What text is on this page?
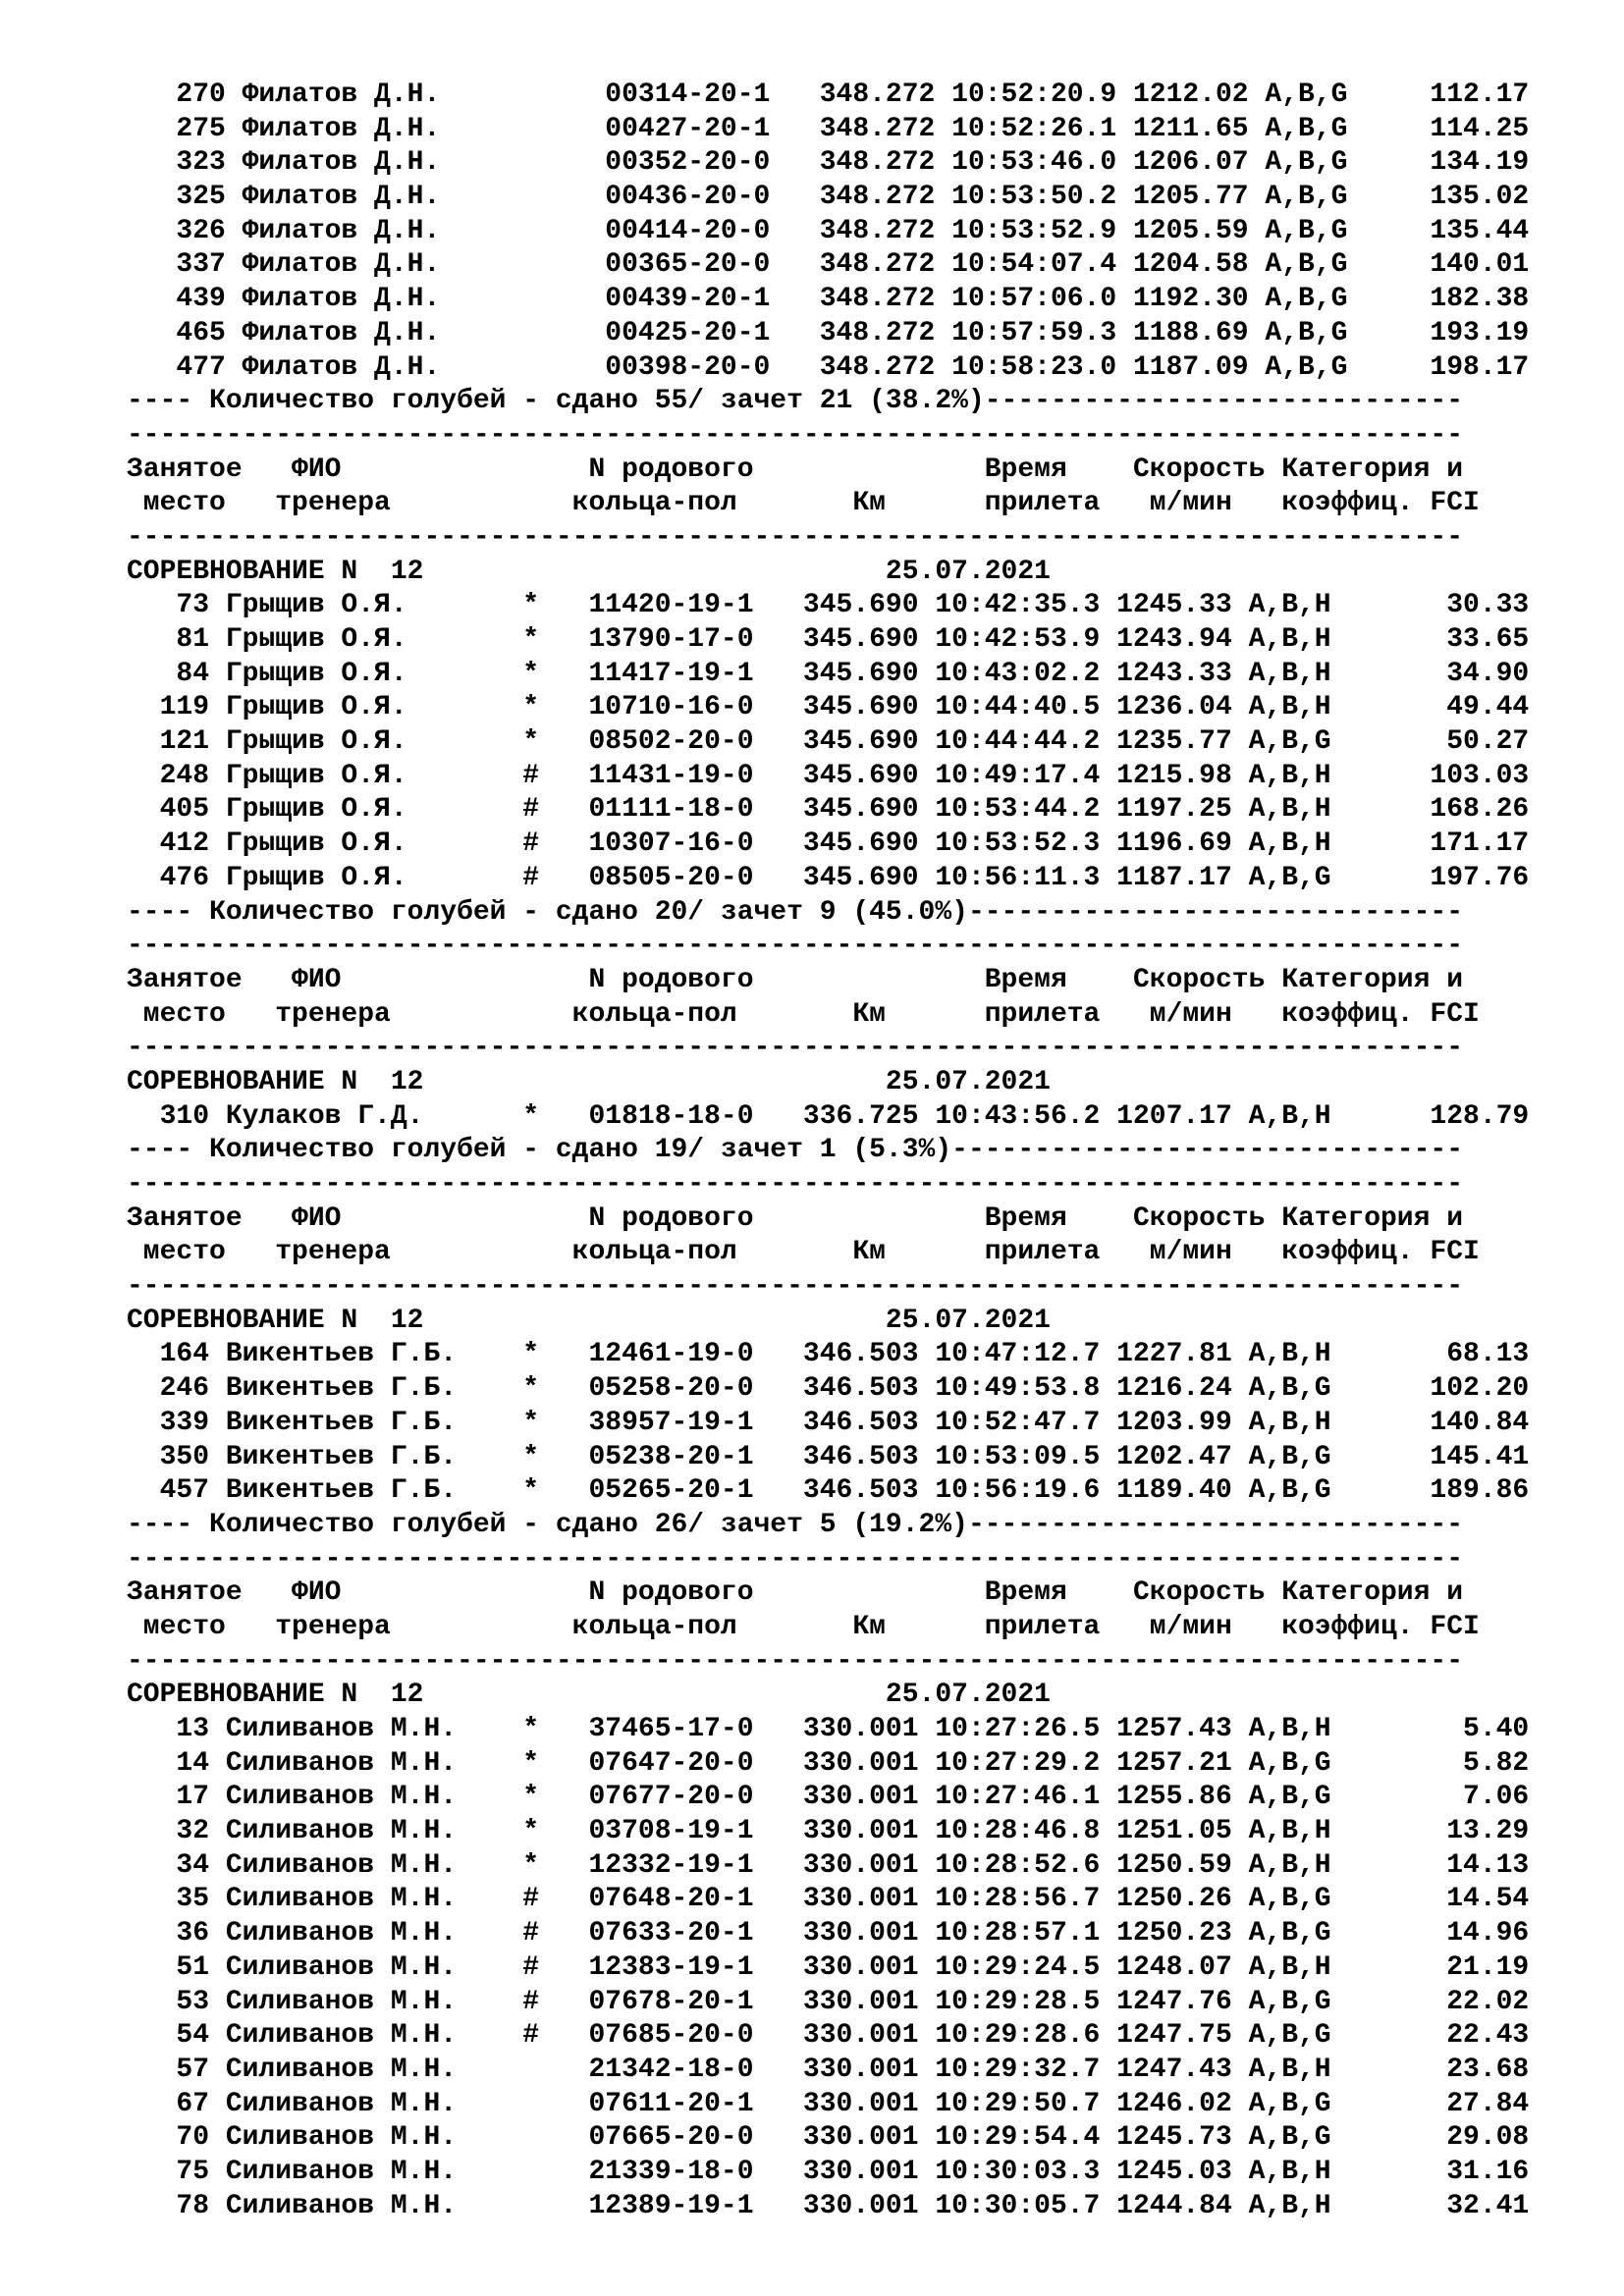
270 Филатов Д.Н.          00314-20-1   348.272 10:52:20.9 1212.02 A,B,G     112.17
275 Филатов Д.Н.          00427-20-1   348.272 10:52:26.1 1211.65 A,B,G     114.25
323 Филатов Д.Н.          00352-20-0   348.272 10:53:46.0 1206.07 A,B,G     134.19
325 Филатов Д.Н.          00436-20-0   348.272 10:53:50.2 1205.77 A,B,G     135.02
326 Филатов Д.Н.          00414-20-0   348.272 10:53:52.9 1205.59 A,B,G     135.44
337 Филатов Д.Н.          00365-20-0   348.272 10:54:07.4 1204.58 A,B,G     140.01
439 Филатов Д.Н.          00439-20-1   348.272 10:57:06.0 1192.30 A,B,G     182.38
465 Филатов Д.Н.          00425-20-1   348.272 10:57:59.3 1188.69 A,B,G     193.19
477 Филатов Д.Н.          00398-20-0   348.272 10:58:23.0 1187.09 A,B,G     198.17
---- Количество голубей - сдано 55/ зачет 21 (38.2%)-----------------------------
---------------------------------------------------------------------------------
Занятое   ФИО               N родового              Время    Скорость Категория и
место   тренера           кольца-пол       Км      прилета   м/мин   коэффиц. FCI
---------------------------------------------------------------------------------
СОРЕВНОВАНИЕ N  12                            25.07.2021
73 Грыщив О.Я.       *   11420-19-1   345.690 10:42:35.3 1245.33 A,B,H       30.33
81 Грыщив О.Я.       *   13790-17-0   345.690 10:42:53.9 1243.94 A,B,H       33.65
84 Грыщив О.Я.       *   11417-19-1   345.690 10:43:02.2 1243.33 A,B,H       34.90
119 Грыщив О.Я.       *   10710-16-0   345.690 10:44:40.5 1236.04 A,B,H       49.44
121 Грыщив О.Я.       *   08502-20-0   345.690 10:44:44.2 1235.77 A,B,G       50.27
248 Грыщив О.Я.       #   11431-19-0   345.690 10:49:17.4 1215.98 A,B,H      103.03
405 Грыщив О.Я.       #   01111-18-0   345.690 10:53:44.2 1197.25 A,B,H      168.26
412 Грыщив О.Я.       #   10307-16-0   345.690 10:53:52.3 1196.69 A,B,H      171.17
476 Грыщив О.Я.       #   08505-20-0   345.690 10:56:11.3 1187.17 A,B,G      197.76
---- Количество голубей - сдано 20/ зачет 9 (45.0%)------------------------------
---------------------------------------------------------------------------------
Занятое   ФИО               N родового              Время    Скорость Категория и
место   тренера           кольца-пол       Км      прилета   м/мин   коэффиц. FCI
---------------------------------------------------------------------------------
СОРЕВНОВАНИЕ N  12                            25.07.2021
310 Кулаков Г.Д.      *   01818-18-0   336.725 10:43:56.2 1207.17 A,B,H      128.79
---- Количество голубей - сдано 19/ зачет 1 (5.3%)-------------------------------
---------------------------------------------------------------------------------
Занятое   ФИО               N родового              Время    Скорость Категория и
место   тренера           кольца-пол       Км      прилета   м/мин   коэффиц. FCI
---------------------------------------------------------------------------------
СОРЕВНОВАНИЕ N  12                            25.07.2021
164 Викентьев Г.Б.    *   12461-19-0   346.503 10:47:12.7 1227.81 A,B,H       68.13
246 Викентьев Г.Б.    *   05258-20-0   346.503 10:49:53.8 1216.24 A,B,G      102.20
339 Викентьев Г.Б.    *   38957-19-1   346.503 10:52:47.7 1203.99 A,B,H      140.84
350 Викентьев Г.Б.    *   05238-20-1   346.503 10:53:09.5 1202.47 A,B,G      145.41
457 Викентьев Г.Б.    *   05265-20-1   346.503 10:56:19.6 1189.40 A,B,G      189.86
---- Количество голубей - сдано 26/ зачет 5 (19.2%)------------------------------
---------------------------------------------------------------------------------
Занятое   ФИО               N родового              Время    Скорость Категория и
место   тренера           кольца-пол       Км      прилета   м/мин   коэффиц. FCI
---------------------------------------------------------------------------------
СОРЕВНОВАНИЕ N  12                            25.07.2021
13 Силиванов М.Н.    *   37465-17-0   330.001 10:27:26.5 1257.43 A,B,H        5.40
14 Силиванов М.Н.    *   07647-20-0   330.001 10:27:29.2 1257.21 A,B,G        5.82
17 Силиванов М.Н.    *   07677-20-0   330.001 10:27:46.1 1255.86 A,B,G        7.06
32 Силиванов М.Н.    *   03708-19-1   330.001 10:28:46.8 1251.05 A,B,H       13.29
34 Силиванов М.Н.    *   12332-19-1   330.001 10:28:52.6 1250.59 A,B,H       14.13
35 Силиванов М.Н.    #   07648-20-1   330.001 10:28:56.7 1250.26 A,B,G       14.54
36 Силиванов М.Н.    #   07633-20-1   330.001 10:28:57.1 1250.23 A,B,G       14.96
51 Силиванов М.Н.    #   12383-19-1   330.001 10:29:24.5 1248.07 A,B,H       21.19
53 Силиванов М.Н.    #   07678-20-1   330.001 10:29:28.5 1247.76 A,B,G       22.02
54 Силиванов М.Н.    #   07685-20-0   330.001 10:29:28.6 1247.75 A,B,G       22.43
57 Силиванов М.Н.        21342-18-0   330.001 10:29:32.7 1247.43 A,B,H       23.68
67 Силиванов М.Н.        07611-20-1   330.001 10:29:50.7 1246.02 A,B,G       27.84
70 Силиванов М.Н.        07665-20-0   330.001 10:29:54.4 1245.73 A,B,G       29.08
75 Силиванов М.Н.        21339-18-0   330.001 10:30:03.3 1245.03 A,B,H       31.16
78 Силиванов М.Н.        12389-19-1   330.001 10:30:05.7 1244.84 A,B,H       32.41
